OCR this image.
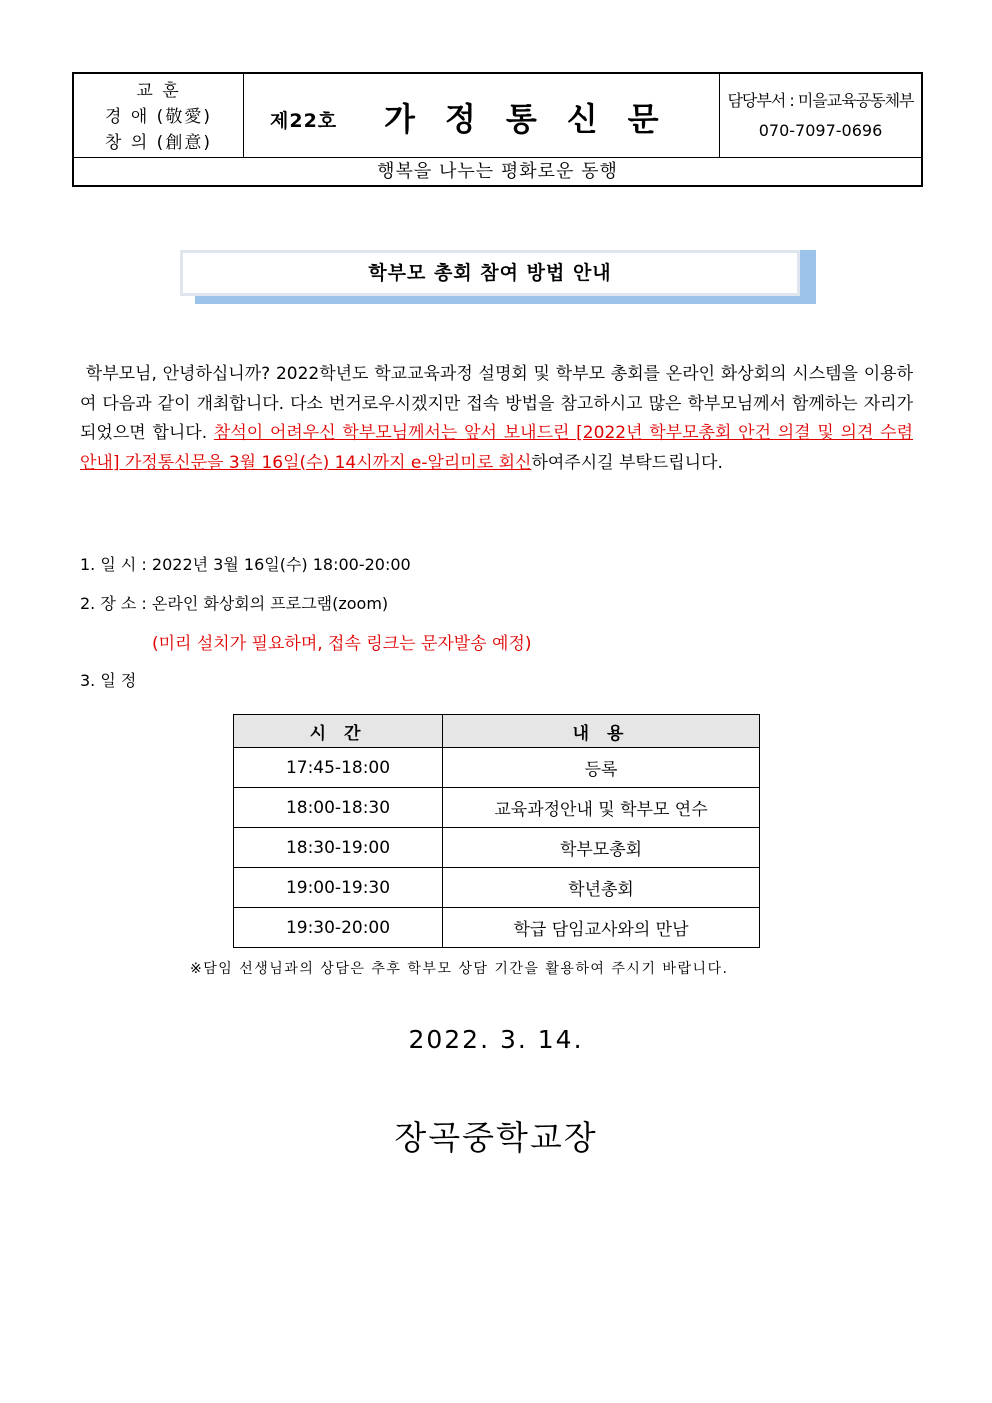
교 훈
경 애 (敬愛)
창 의 (創意)
제22호 가정통신문	담당부서 : 미을교육공동체부
070-7097-0696
행복을 나누는 평화로운 동행
학부모 총회 참여 방법 안내
학부모님, 안녕하십니까? 2022학년도 학교교육과정 설명회 및 학부모 총회를 온라인 화상회의 시스템을 이용하여 다음과 같이 개최합니다. 다소 번거로우시겠지만 접속 방법을 참고하시고 많은 학부모님께서 함께하는 자리가 되었으면 합니다. 참석이 어려우신 학부모님께서는 앞서 보내드린 [2022년 학부모총회 안건 의결 및 의견 수렴 안내] 가정통신문을 3월 16일(수) 14시까지 e-알리미로 회신하여주시길 부탁드립니다.
1. 일 시 : 2022년 3월 16일(수) 18:00-20:00
2. 장 소 : 온라인 화상회의 프로그램(zoom)
(미리 설치가 필요하며, 접속 링크는 문자발송 예정)
3. 일 정
시 간	내 용
17:45-18:00	등록
18:00-18:30	교육과정안내 및 학부모 연수
18:30-19:00	학부모총회
19:00-19:30	학년총회
19:30-20:00	학급 담임교사와의 만남
※담임 선생님과의 상담은 추후 학부모 상담 기간을 활용하여 주시기 바랍니다.
2022. 3. 14.
장곡중학교장
